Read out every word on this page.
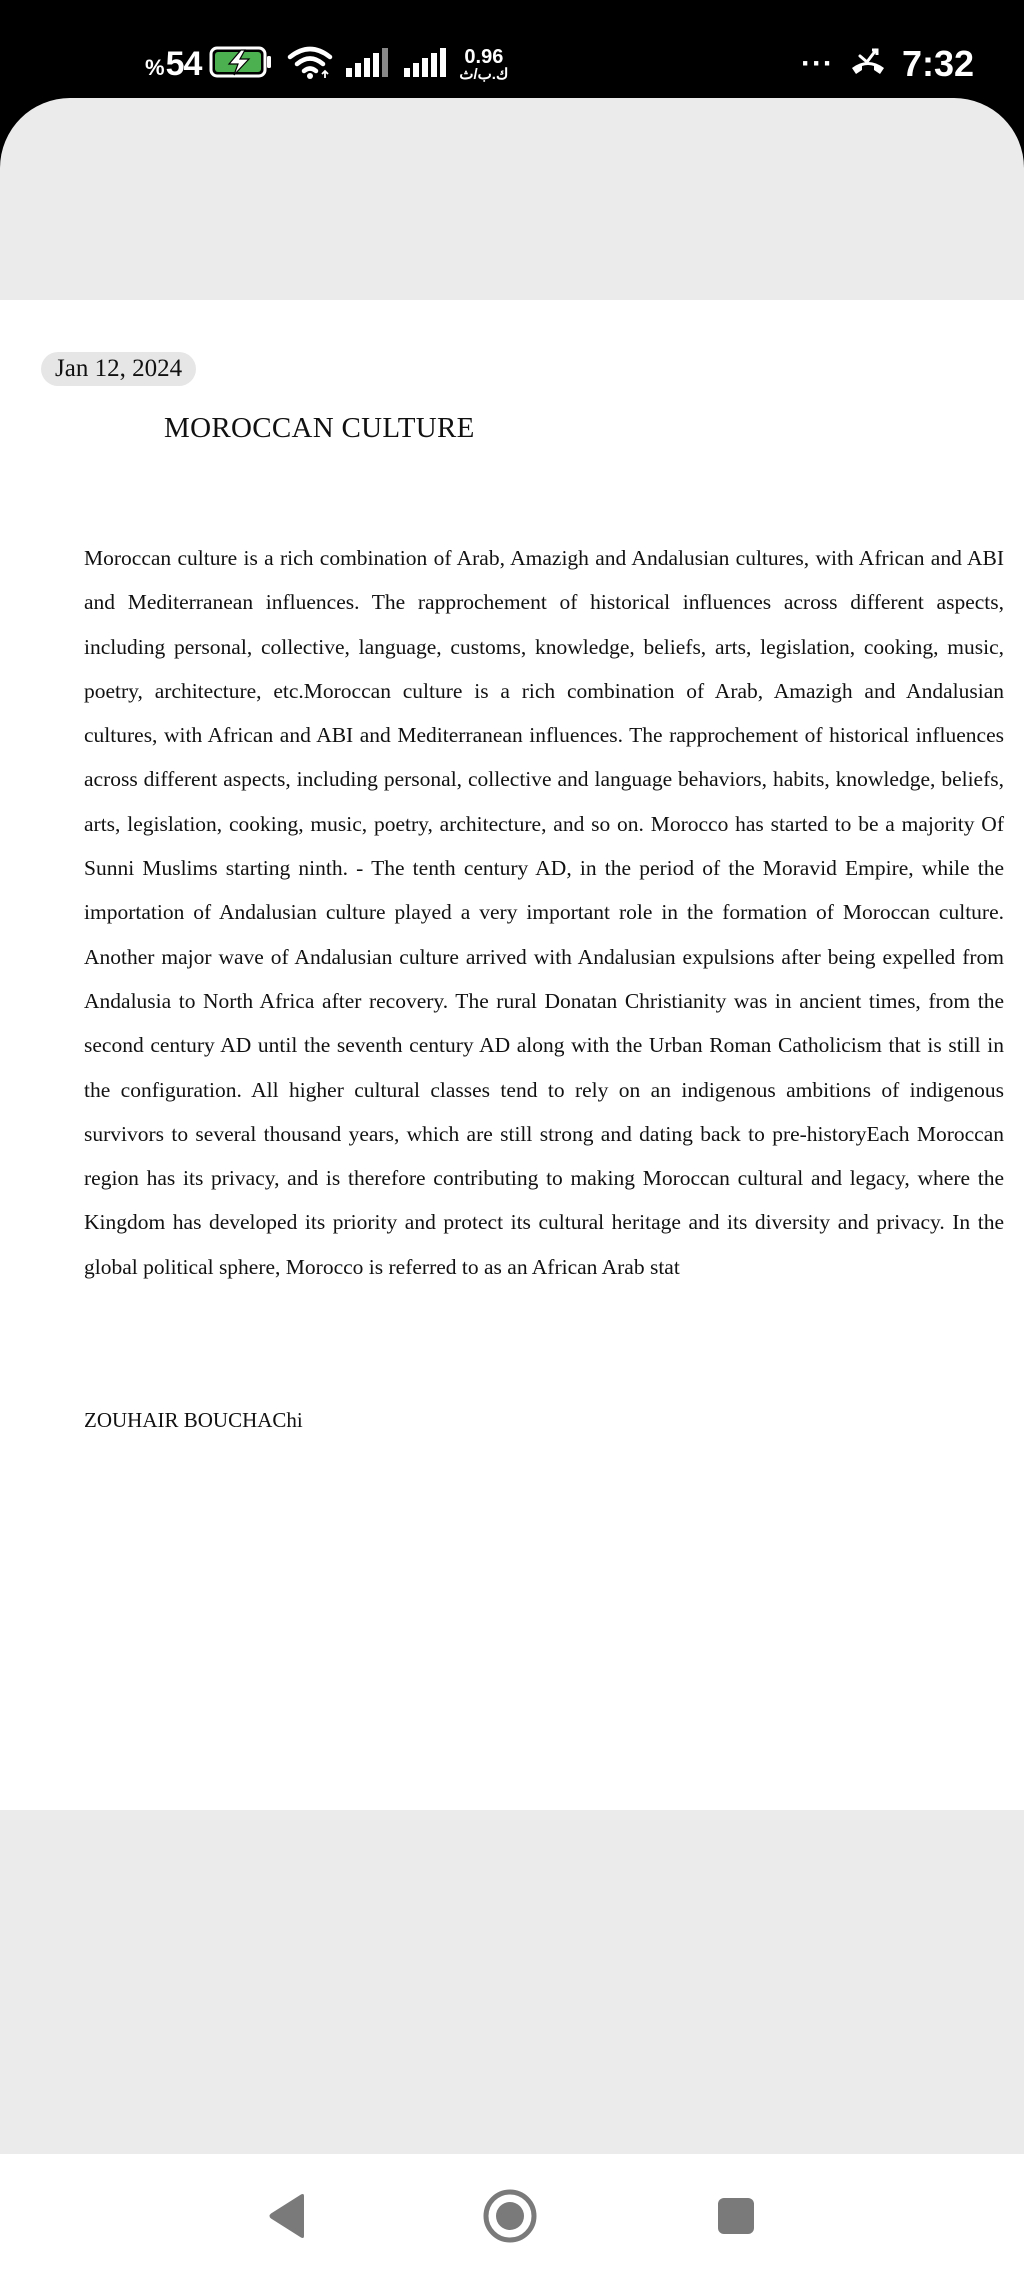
%54	0.96
ك.ب/ث	··· 7:32
Jan 12, 2024
MOROCCAN CULTURE

Moroccan culture is a rich combination of Arab, Amazigh and Andalusian cultures, with African and ABI and Mediterranean influences. The rapprochement of historical influences across different aspects, including personal, collective, language, customs, knowledge, beliefs, arts, legislation, cooking, music, poetry, architecture, etc.Moroccan culture is a rich combination of Arab, Amazigh and Andalusian cultures, with African and ABI and Mediterranean influences. The rapprochement of historical influences across different aspects, including personal, collective and language behaviors, habits, knowledge, beliefs, arts, legislation, cooking, music, poetry, architecture, and so on. Morocco has started to be a majority Of Sunni Muslims starting ninth. - The tenth century AD, in the period of the Moravid Empire, while the importation of Andalusian culture played a very important role in the formation of Moroccan culture. Another major wave of Andalusian culture arrived with Andalusian expulsions after being expelled from Andalusia to North Africa after recovery. The rural Donatan Christianity was in ancient times, from the second century AD until the seventh century AD along with the Urban Roman Catholicism that is still in the configuration. All higher cultural classes tend to rely on an indigenous ambitions of indigenous survivors to several thousand years, which are still strong and dating back to pre-historyEach Moroccan region has its privacy, and is therefore contributing to making Moroccan cultural and legacy, where the Kingdom has developed its priority and protect its cultural heritage and its diversity and privacy. In the global political sphere, Morocco is referred to as an African Arab stat

ZOUHAIR BOUCHAChi
